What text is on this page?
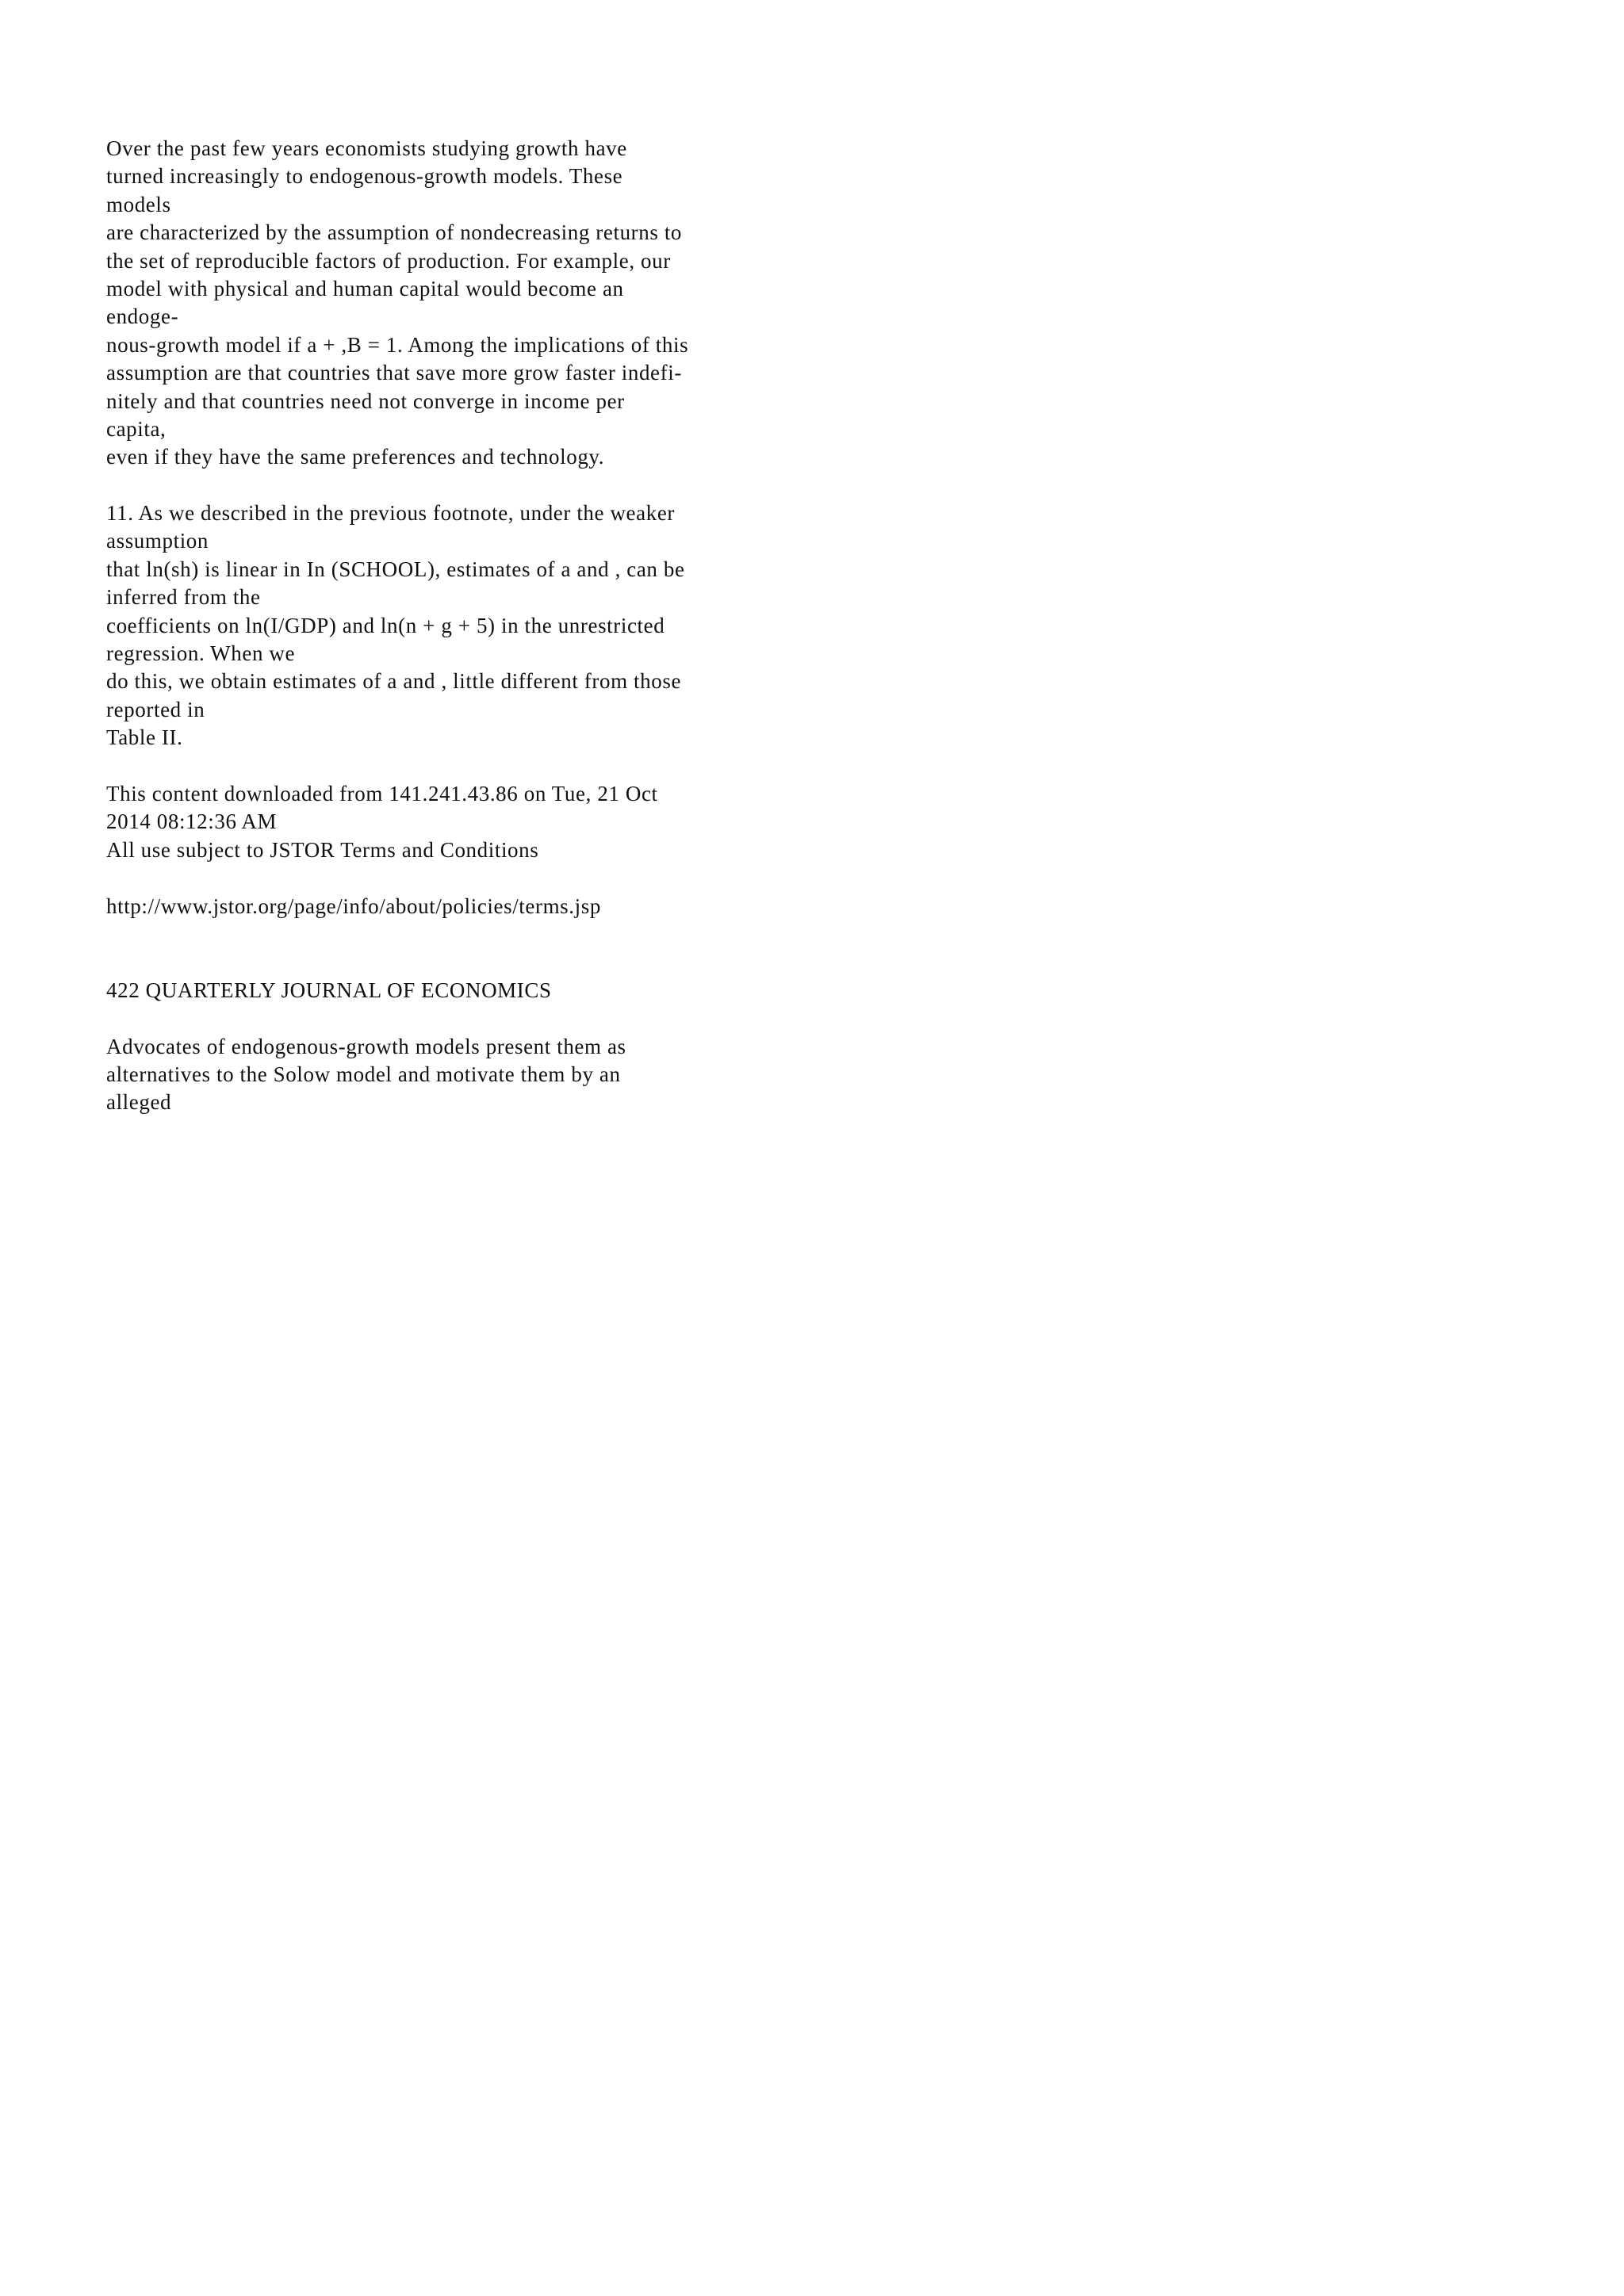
Over the past few years economists studying growth have
turned increasingly to endogenous-growth models. These
models
are characterized by the assumption of nondecreasing returns to
the set of reproducible factors of production. For example, our
model with physical and human capital would become an
endoge-
nous-growth model if a + ,B = 1. Among the implications of this
assumption are that countries that save more grow faster indefi-
nitely and that countries need not converge in income per
capita,
even if they have the same preferences and technology.
11. As we described in the previous footnote, under the weaker
assumption
that ln(sh) is linear in In (SCHOOL), estimates of a and , can be
inferred from the
coefficients on ln(I/GDP) and ln(n + g + 5) in the unrestricted
regression. When we
do this, we obtain estimates of a and , little different from those
reported in
Table II.
This content downloaded from 141.241.43.86 on Tue, 21 Oct
2014 08:12:36 AM
All use subject to JSTOR Terms and Conditions
http://www.jstor.org/page/info/about/policies/terms.jsp
422 QUARTERLY JOURNAL OF ECONOMICS
Advocates of endogenous-growth models present them as
alternatives to the Solow model and motivate them by an
alleged
